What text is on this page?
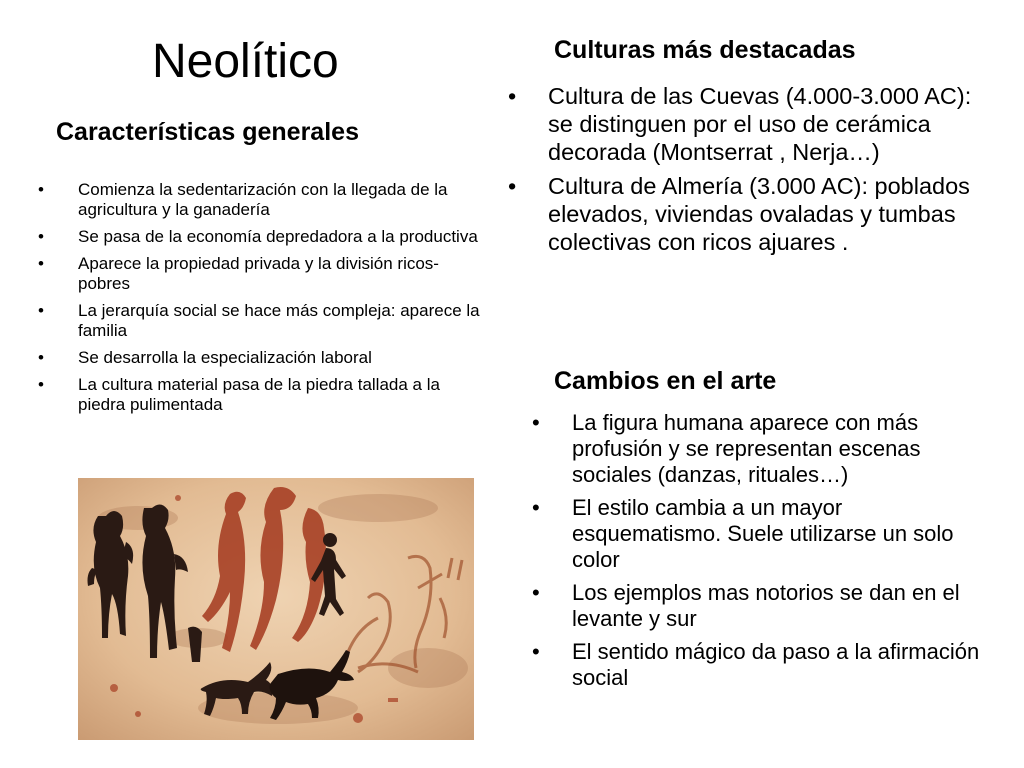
Neolítico
Características generales
• Comienza la sedentarización con la llegada de la agricultura y la ganadería
• Se pasa de la economía depredadora a la productiva
• Aparece la propiedad privada y la división ricos-pobres
• La jerarquía social se hace más compleja: aparece la familia
• Se desarrolla la especialización laboral
• La cultura material pasa de la piedra tallada a la piedra pulimentada
Culturas más destacadas
• Cultura de las Cuevas (4.000-3.000 AC): se distinguen por el uso de cerámica decorada (Montserrat , Nerja…)
• Cultura de Almería (3.000 AC): poblados elevados, viviendas ovaladas y tumbas colectivas con ricos ajuares .
Cambios en el arte
• La figura humana aparece con más profusión y se representan escenas sociales (danzas, rituales…)
• El estilo cambia a un mayor esquematismo. Suele utilizarse un solo color
• Los ejemplos mas notorios se dan en el levante y sur
• El sentido mágico da paso a la afirmación social
